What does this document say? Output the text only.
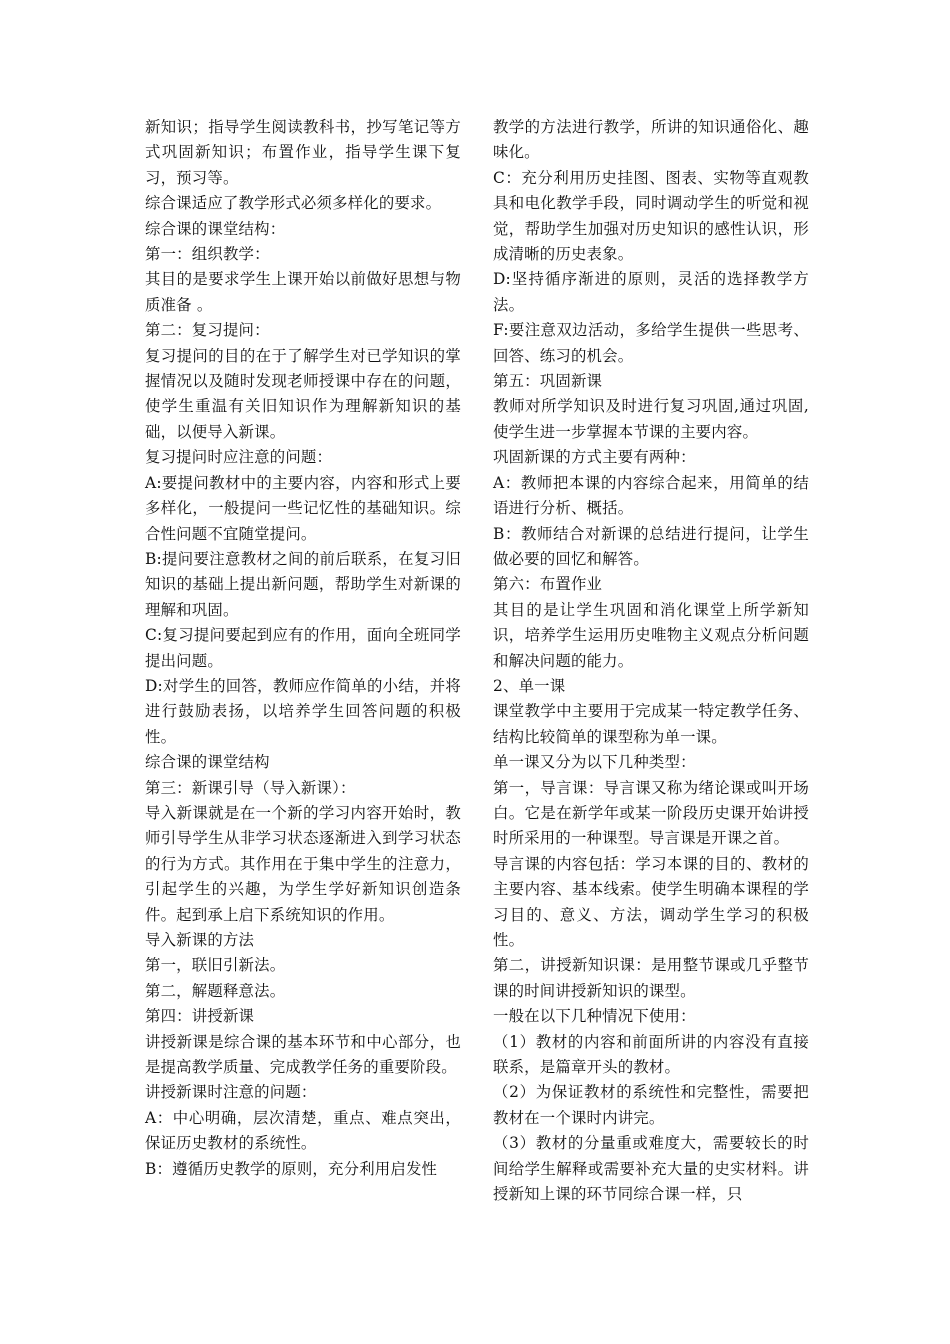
新知识；指导学生阅读教科书，抄写笔记等方式巩固新知识；布置作业，指导学生课下复习，预习等。

综合课适应了教学形式必须多样化的要求。

综合课的课堂结构：

第一：组织教学：

其目的是要求学生上课开始以前做好思想与物质准备 。

第二：复习提问：

复习提问的目的在于了解学生对已学知识的掌握情况以及随时发现老师授课中存在的问题，使学生重温有关旧知识作为理解新知识的基础，以便导入新课。

复习提问时应注意的问题：

A:要提问教材中的主要内容，内容和形式上要多样化，一般提问一些记忆性的基础知识。综合性问题不宜随堂提问。

B:提问要注意教材之间的前后联系，在复习旧知识的基础上提出新问题，帮助学生对新课的理解和巩固。

C:复习提问要起到应有的作用，面向全班同学提出问题。

D:对学生的回答，教师应作简单的小结，并将进行鼓励表扬，以培养学生回答问题的积极性。

综合课的课堂结构

第三：新课引导（导入新课）：

导入新课就是在一个新的学习内容开始时，教师引导学生从非学习状态逐渐进入到学习状态的行为方式。其作用在于集中学生的注意力，引起学生的兴趣，为学生学好新知识创造条件。起到承上启下系统知识的作用。

导入新课的方法

第一，联旧引新法。

第二，解题释意法。

第四：讲授新课

讲授新课是综合课的基本环节和中心部分，也是提高教学质量、完成教学任务的重要阶段。

讲授新课时注意的问题：

A：中心明确，层次清楚，重点、难点突出，保证历史教材的系统性。

B：遵循历史教学的原则，充分利用启发性

教学的方法进行教学，所讲的知识通俗化、趣味化。

C：充分利用历史挂图、图表、实物等直观教具和电化教学手段，同时调动学生的听觉和视觉，帮助学生加强对历史知识的感性认识，形成清晰的历史表象。

D:坚持循序渐进的原则，灵活的选择教学方法。

F:要注意双边活动，多给学生提供一些思考、回答、练习的机会。

第五：巩固新课

教师对所学知识及时进行复习巩固,通过巩固,使学生进一步掌握本节课的主要内容。

巩固新课的方式主要有两种：

A：教师把本课的内容综合起来，用简单的结语进行分析、概括。

B：教师结合对新课的总结进行提问，让学生做必要的回忆和解答。

第六：布置作业

其目的是让学生巩固和消化课堂上所学新知识，培养学生运用历史唯物主义观点分析问题和解决问题的能力。

2、单一课

课堂教学中主要用于完成某一特定教学任务、结构比较简单的课型称为单一课。

单一课又分为以下几种类型：

第一，导言课：导言课又称为绪论课或叫开场白。它是在新学年或某一阶段历史课开始讲授时所采用的一种课型。导言课是开课之首。

导言课的内容包括：学习本课的目的、教材的主要内容、基本线索。使学生明确本课程的学习目的、意义、方法，调动学生学习的积极性。

第二，讲授新知识课：是用整节课或几乎整节课的时间讲授新知识的课型。

一般在以下几种情况下使用：

（1）教材的内容和前面所讲的内容没有直接联系，是篇章开头的教材。

（2）为保证教材的系统性和完整性，需要把教材在一个课时内讲完。

（3）教材的分量重或难度大，需要较长的时间给学生解释或需要补充大量的史实材料。讲授新知上课的环节同综合课一样，只
